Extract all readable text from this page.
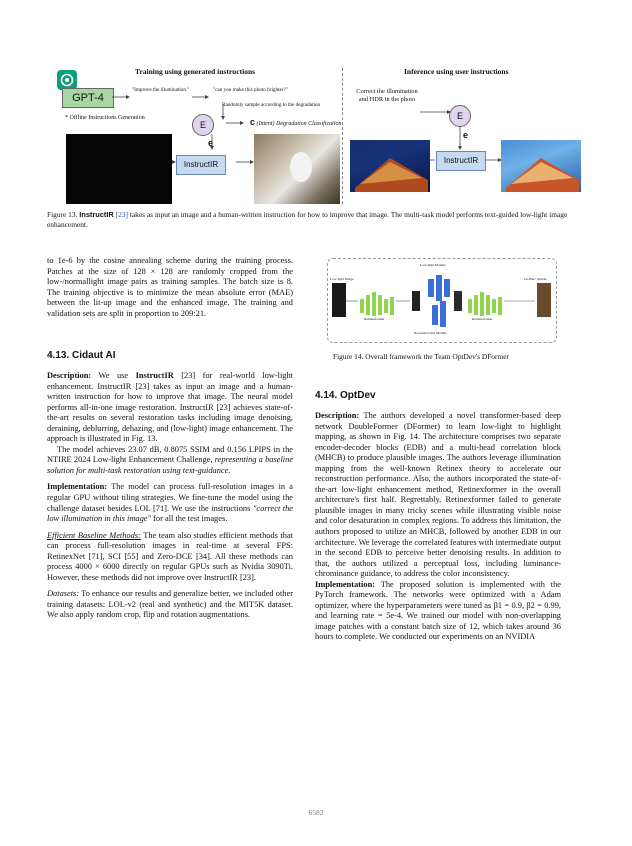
Training using generated instructions	Inference using user instructions
GPT-4
"Improve the illumination."	"can you make this photo brighter?"
Randomly sample according to the degradation
* Offline Instructions Generation
E	c (Intent) Degradation Classification
e
InstructIR
Correct the illumination and HDR in the photo
E
e
InstructIR
Figure 13. InstructIR [23] takes as input an image and a human-written instruction for how to improve that image. The multi-task model performs text-guided low-light image enhancement.
to 1e-6 by the cosine annealing scheme during the training process. Patches at the size of 128 × 128 are randomly cropped from the low-/normallight image pairs as training samples. The batch size is 8. The training objective is to minimize the mean absolute error (MAE) between the lit-up image and the enhanced image. The training and validation sets are split in proportion to 209:21.
4.13. Cidaut AI

Description: We use InstructIR [23] for real-world low-light enhancement. InstructIR [23] takes as input an image and a human-written instruction for how to improve that image. The neural model performs all-in-one image restoration. InstructIR [23] achieves state-of-the-art results on several restoration tasks including image denoising, deraining, deblurring, dehazing, and (low-light) image enhancement. The approach is illustrated in Fig. 13.

The model achieves 23.07 dB, 0.8075 SSIM and 0.156 LPIPS in the NTIRE 2024 Low-light Enhancement Challenge, representing a baseline solution for multi-task restoration using text-guidance.

Implementation: The model can process full-resolution images in a regular GPU without tiling strategies. We fine-tune the model using the challenge dataset besides LOL [71]. We use the instructions "correct the low illumination in this image" for all the test images.

Efficient Baseline Methods: The team also studies efficient methods that can process full-resolution images in real-time at several FPS: RetinexNet [71], SCI [55] and Zero-DCE [34]. All these methods can process 4000 × 6000 directly on regular GPUs such as Nvidia 3090Ti. However, these methods did not improve over InstructIR [23].

Datasets: To enhance our results and generalize better, we included other training datasets: LOL-v2 (real and synthetic) and the MIT5K dataset. We also apply random crop, flip and rotation augmentations.

Low-light Image	Lit-Bloc Output
Low-light Module
Reconstruction Module
Retinexformer	Retinexformer
Figure 14. Overall framework the Team OptDev's DFormer
4.14. OptDev

Description: The authors developed a novel transformer-based deep network DoubleFormer (DFormer) to learn low-light to highlight mapping, as shown in Fig. 14. The architecture comprises two separate encoder-decoder blocks (EDB) and a multi-head correlation block (MHCB) to produce plausible images. The authors leverage illumination mapping from the well-known Retinex theory to accelerate our reconstruction performance. Also, the authors incorporated the state-of-the-art low-light enhancement method, Retinexformer in the overall architecture's first half. Regrettably, Retinexformer failed to generate plausible images in many tricky scenes while illustrating visible noise and color desaturation in complex regions. To address this limitation, the authors proposed to utilize an MHCB, followed by another EDB in our architecture. We leverage the correlated features with intermediate output in the second EDB to perceive better denoising results. In addition to that, the authors utilized a perceptual loss, including luminance-chrominance guidance, to address the color inconsistency.

Implementation: The proposed solution is implemented with the PyTorch framework. The networks were optimized with a Adam optimizer, where the hyperparameters were tuned as β1 = 0.9, β2 = 0.99, and learning rate = 5e-4. We trained our model with non-overlapping image patches with a constant batch size of 12, which takes around 36 hours to complete. We conducted our experiments on an NVIDIA

6582
